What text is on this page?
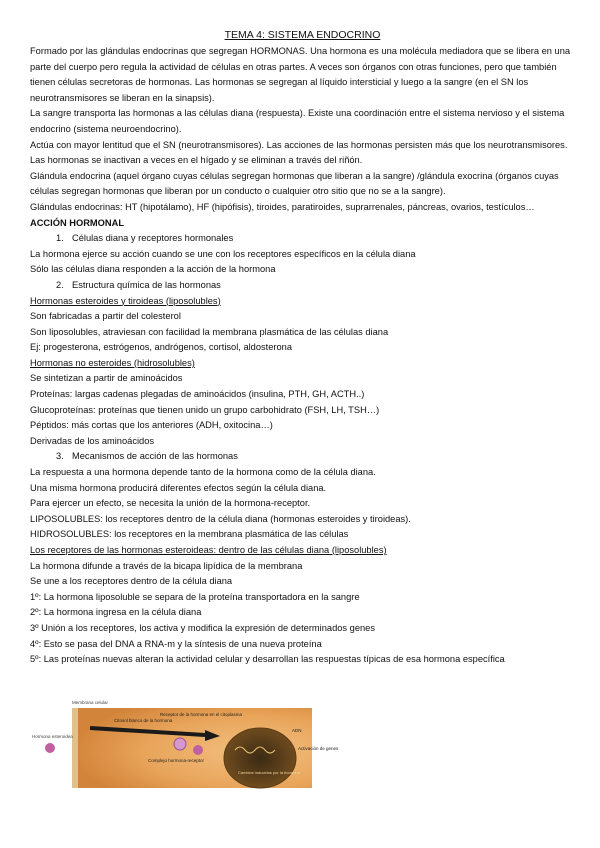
TEMA 4: SISTEMA ENDOCRINO

Formado por las glándulas endocrinas que segregan HORMONAS. Una hormona es una molécula mediadora que se libera en una parte del cuerpo pero regula la actividad de células en otras partes. A veces son órganos con otras funciones, pero que también tienen células secretoras de hormonas. Las hormonas se segregan al líquido intersticial y luego a la sangre (en el SN los neurotransmisores se liberan en la sinapsis).

La sangre transporta las hormonas a las células diana (respuesta). Existe una coordinación entre el sistema nervioso y el sistema endocrino (sistema neuroendocrino).

Actúa con mayor lentitud que el SN (neurotransmisores). Las acciones de las hormonas persisten más que los neurotransmisores. Las hormonas se inactivan a veces en el hígado y se eliminan a través del riñón.

Glándula endocrina (aquel órgano cuyas células segregan hormonas que liberan a la sangre) /glándula exocrina (órganos cuyas células segregan hormonas que liberan por un conducto o cualquier otro sitio que no se a la sangre).

Glándulas endocrinas: HT (hipotálamo), HF (hipófisis), tiroides, paratiroides, suprarrenales, páncreas, ovarios, testículos…

ACCIÓN HORMONAL

1. Células diana y receptores hormonales

La hormona ejerce su acción cuando se une con los receptores específicos en la célula diana

Sólo las células diana responden a la acción de la hormona

2. Estructura química de las hormonas

Hormonas esteroides y tiroideas (liposolubles)

Son fabricadas a partir del colesterol

Son liposolubles, atraviesan con facilidad la membrana plasmática de las células diana

Ej: progesterona, estrógenos, andrógenos, cortisol, aldosterona

Hormonas no esteroides (hidrosolubles)

Se sintetizan a partir de aminoácidos

Proteínas: largas cadenas plegadas de aminoácidos (insulina, PTH, GH, ACTH..)

Glucoproteínas: proteínas que tienen unido un grupo carbohidrato (FSH, LH, TSH…)

Péptidos: más cortas que los anteriores (ADH, oxitocina…)

Derivadas de los aminoácidos

3. Mecanismos de acción de las hormonas

La respuesta a una hormona depende tanto de la hormona como de la célula diana.

Una misma hormona producirá diferentes efectos según la célula diana.

Para ejercer un efecto, se necesita la unión de la hormona-receptor.

LIPOSOLUBLES: los receptores dentro de la célula diana (hormonas esteroides y tiroideas).

HIDROSOLUBLES: los receptores en la membrana plasmática de las células

Los receptores de las hormonas esteroideas: dentro de las células diana (liposolubles)

La hormona difunde a través de la bicapa lipídica de la membrana

Se une a los receptores dentro de la célula diana

1º: La hormona liposoluble se separa de la proteína transportadora en la sangre

2º: La hormona ingresa en la célula diana

3º Unión a los receptores, los activa y modifica la expresión de determinados genes

4º: Esto se pasa del DNA a RNA-m y la síntesis de una nueva proteína

5º: Las proteínas nuevas alteran la actividad celular y desarrollan las respuestas típicas de esa hormona específica

Membrana celular
Hormona esteroidea
Citosol blanco de la hormona
Receptor de la hormona en el citoplasma
Complejo hormona-receptor
ADN
Activación de genes
Cambios inducidos por la hormona
